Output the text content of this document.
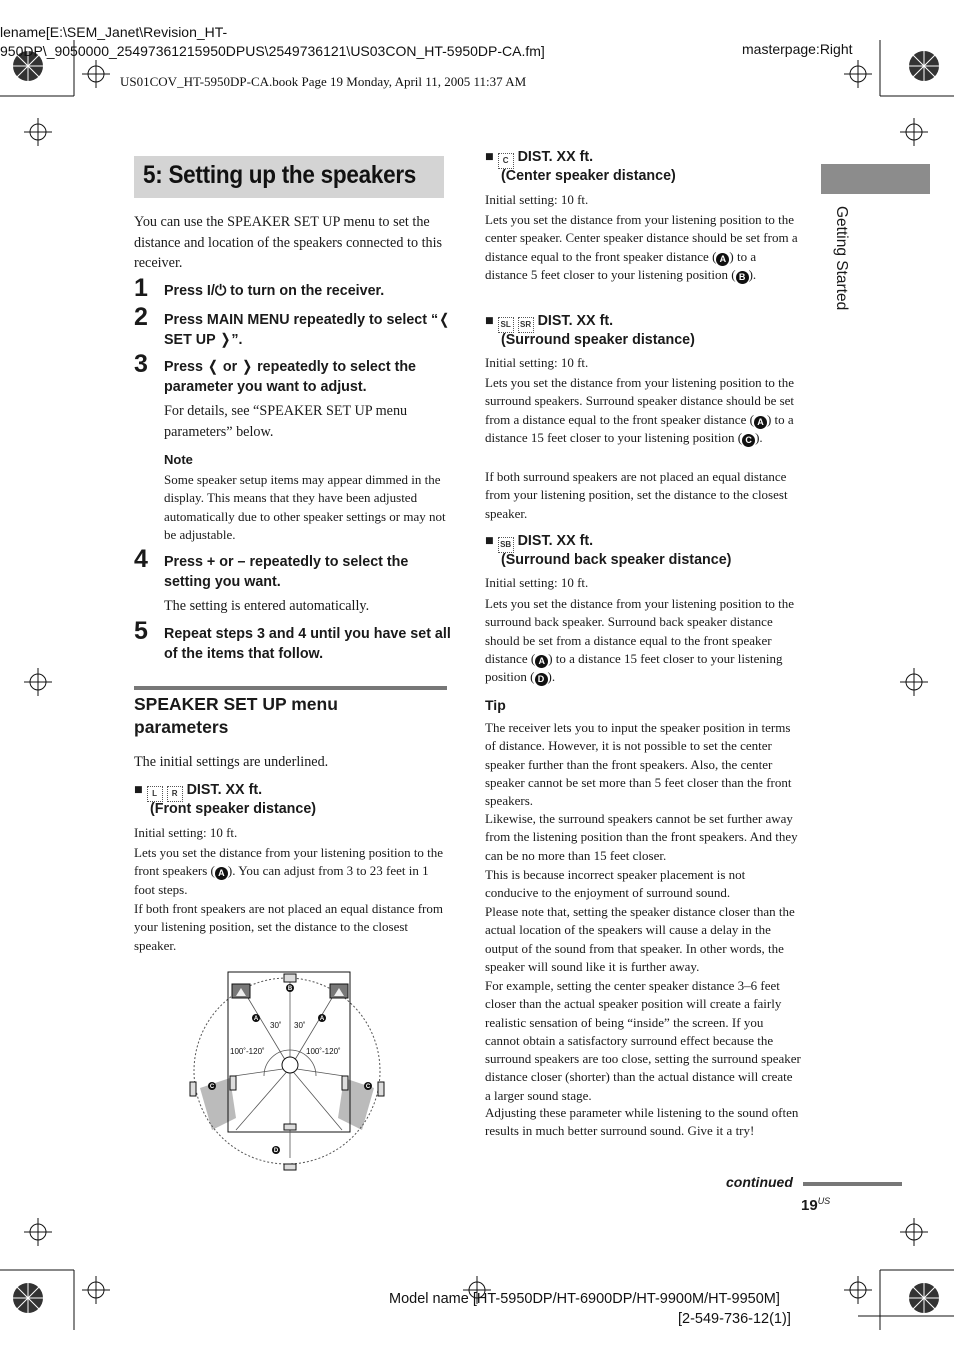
lename[E:\SEM_Janet\Revision_HT-
950DP\_9050000_25497361215950DPUS\2549736121\US03CON_HT-5950DP-CA.fm]	masterpage:Right
US01COV_HT-5950DP-CA.book Page 19 Monday, April 11, 2005 11:37 AM
Getting Started
5: Setting up the speakers
You can use the SPEAKER SET UP menu to set the distance and location of the speakers connected to this receiver.
1 Press I/⏻ to turn on the receiver.
2 Press MAIN MENU repeatedly to select “❬ SET UP ❭”.
3 Press ❬ or ❭ repeatedly to select the parameter you want to adjust.
For details, see “SPEAKER SET UP menu parameters” below.
Note
Some speaker setup items may appear dimmed in the display. This means that they have been adjusted automatically due to other speaker settings or may not be adjustable.
4 Press + or – repeatedly to select the setting you want.
The setting is entered automatically.
5 Repeat steps 3 and 4 until you have set all of the items that follow.
SPEAKER SET UP menu parameters
The initial settings are underlined.
■ L R DIST. XX ft.
(Front speaker distance)
Initial setting: 10 ft.
Lets you set the distance from your listening position to the front speakers ( A ). You can adjust from 3 to 23 feet in 1 foot steps.
If both front speakers are not placed an equal distance from your listening position, set the distance to the closest speaker.
B
A	A
C	C
D
30˚ 30˚
100˚-120˚	100˚-120˚
■ C DIST. XX ft.
(Center speaker distance)
Initial setting: 10 ft.
Lets you set the distance from your listening position to the center speaker. Center speaker distance should be set from a distance equal to the front speaker distance ( A ) to a distance 5 feet closer to your listening position ( B ).
■ SL SR DIST. XX ft.
(Surround speaker distance)
Initial setting: 10 ft.
Lets you set the distance from your listening position to the surround speakers. Surround speaker distance should be set from a distance equal to the front speaker distance ( A ) to a distance 15 feet closer to your listening position ( C ).
If both surround speakers are not placed an equal distance from your listening position, set the distance to the closest speaker.
■ SB DIST. XX ft.
(Surround back speaker distance)
Initial setting: 10 ft.
Lets you set the distance from your listening position to the surround back speaker. Surround back speaker distance should be set from a distance equal to the front speaker distance ( A ) to a distance 15 feet closer to your listening position ( D ).
Tip
The receiver lets you to input the speaker position in terms of distance. However, it is not possible to set the center speaker further than the front speakers. Also, the center speaker cannot be set more than 5 feet closer than the front speakers.
Likewise, the surround speakers cannot be set further away from the listening position than the front speakers. And they can be no more than 15 feet closer.
This is because incorrect speaker placement is not conducive to the enjoyment of surround sound.
Please note that, setting the speaker distance closer than the actual location of the speakers will cause a delay in the output of the sound from that speaker. In other words, the speaker will sound like it is further away.
For example, setting the center speaker distance 3–6 feet closer than the actual speaker position will create a fairly realistic sensation of being “inside” the screen. If you cannot obtain a satisfactory surround effect because the surround speakers are too close, setting the surround speaker distance closer (shorter) than the actual distance will create a larger sound stage.
Adjusting these parameter while listening to the sound often results in much better surround sound. Give it a try!
continued
$19^{US}$
Model name [HT-5950DP/HT-6900DP/HT-9900M/HT-9950M]
[2-549-736-12(1)]
